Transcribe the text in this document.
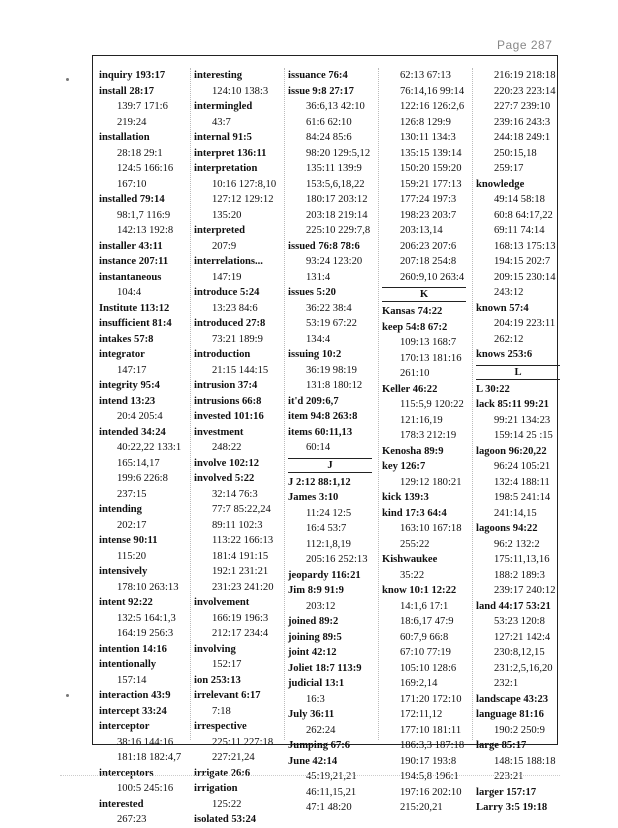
Page 287
inquiry 193:17
install 28:17
139:7 171:6
219:24
installation
28:18 29:1
124:5 166:16
167:10
installed 79:14
98:1,7 116:9
142:13 192:8
installer 43:11
instance 207:11
instantaneous
104:4
Institute 113:12
insufficient 81:4
intakes 57:8
integrator
147:17
integrity 95:4
intend 13:23
20:4 205:4
intended 34:24
40:22,22 133:1
165:14,17
199:6 226:8
237:15
intending
202:17
intense 90:11
115:20
intensively
178:10 263:13
intent 92:22
132:5 164:1,3
164:19 256:3
intention 14:16
intentionally
157:14
interaction 43:9
intercept 33:24
interceptor
38:16 144:16
181:18 182:4,7
interceptors
100:5 245:16
interested
267:23
interesting
124:10 138:3
intermingled
43:7
internal 91:5
interpret 136:11
interpretation
10:16 127:8,10
127:12 129:12
135:20
interpreted
207:9
interrelations...
147:19
introduce 5:24
13:23 84:6
introduced 27:8
73:21 189:9
introduction
21:15 144:15
intrusion 37:4
intrusions 66:8
invested 101:16
investment
248:22
involve 102:12
involved 5:22
32:14 76:3
77:7 85:22,24
89:11 102:3
113:22 166:13
181:4 191:15
192:1 231:21
231:23 241:20
involvement
166:19 196:3
212:17 234:4
involving
152:17
ion 253:13
irrelevant 6:17
7:18
irrespective
225:11 227:18
227:21,24
irrigate 26:6
irrigation
125:22
isolated 53:24
issuance 76:4
issue 9:8 27:17
36:6,13 42:10
61:6 62:10
84:24 85:6
98:20 129:5,12
135:11 139:9
153:5,6,18,22
180:17 203:12
203:18 219:14
225:10 229:7,8
issued 76:8 78:6
93:24 123:20
131:4
issues 5:20
36:22 38:4
53:19 67:22
134:4
issuing 10:2
36:19 98:19
131:8 180:12
it'd 209:6,7
item 94:8 263:8
items 60:11,13
60:14
J
J 2:12 88:1,12
James 3:10
11:24 12:5
16:4 53:7
112:1,8,19
205:16 252:13
jeopardy 116:21
Jim 8:9 91:9
203:12
joined 89:2
joining 89:5
joint 42:12
Joliet 18:7 113:9
judicial 13:1
16:3
July 36:11
262:24
Jumping 67:6
June 42:14
45:19,21,21
46:11,15,21
47:1 48:20
62:13 67:13
76:14,16 99:14
122:16 126:2,6
126:8 129:9
130:11 134:3
135:15 139:14
150:20 159:20
159:21 177:13
177:24 197:3
198:23 203:7
203:13,14
206:23 207:6
207:18 254:8
260:9,10 263:4
K
Kansas 74:22
keep 54:8 67:2
109:13 168:7
170:13 181:16
261:10
Keller 46:22
115:5,9 120:22
121:16,19
178:3 212:19
Kenosha 89:9
key 126:7
129:12 180:21
kick 139:3
kind 17:3 64:4
163:10 167:18
255:22
Kishwaukee
35:22
know 10:1 12:22
14:1,6 17:1
18:6,17 47:9
60:7,9 66:8
67:10 77:19
105:10 128:6
169:2,14
171:20 172:10
172:11,12
177:10 181:11
186:3,3 187:18
190:17 193:8
194:5,8 196:1
197:16 202:10
215:20,21
216:19 218:18
220:23 223:14
227:7 239:10
239:16 243:3
244:18 249:1
250:15,18
259:17
knowledge
49:14 58:18
60:8 64:17,22
69:11 74:14
168:13 175:13
194:15 202:7
209:15 230:14
243:12
known 57:4
204:19 223:11
262:12
knows 253:6
L
L 30:22
lack 85:11 99:21
99:21 134:23
159:14 25 :15
lagoon 96:20,22
96:24 105:21
132:4 188:11
198:5 241:14
241:14,15
lagoons 94:22
96:2 132:2
175:11,13,16
188:2 189:3
239:17 240:12
land 44:17 53:21
53:23 120:8
127:21 142:4
230:8,12,15
231:2,5,16,20
232:1
landscape 43:23
language 81:16
190:2 250:9
large 85:17
148:15 188:18
223:21
larger 157:17
Larry 3:5 19:18
